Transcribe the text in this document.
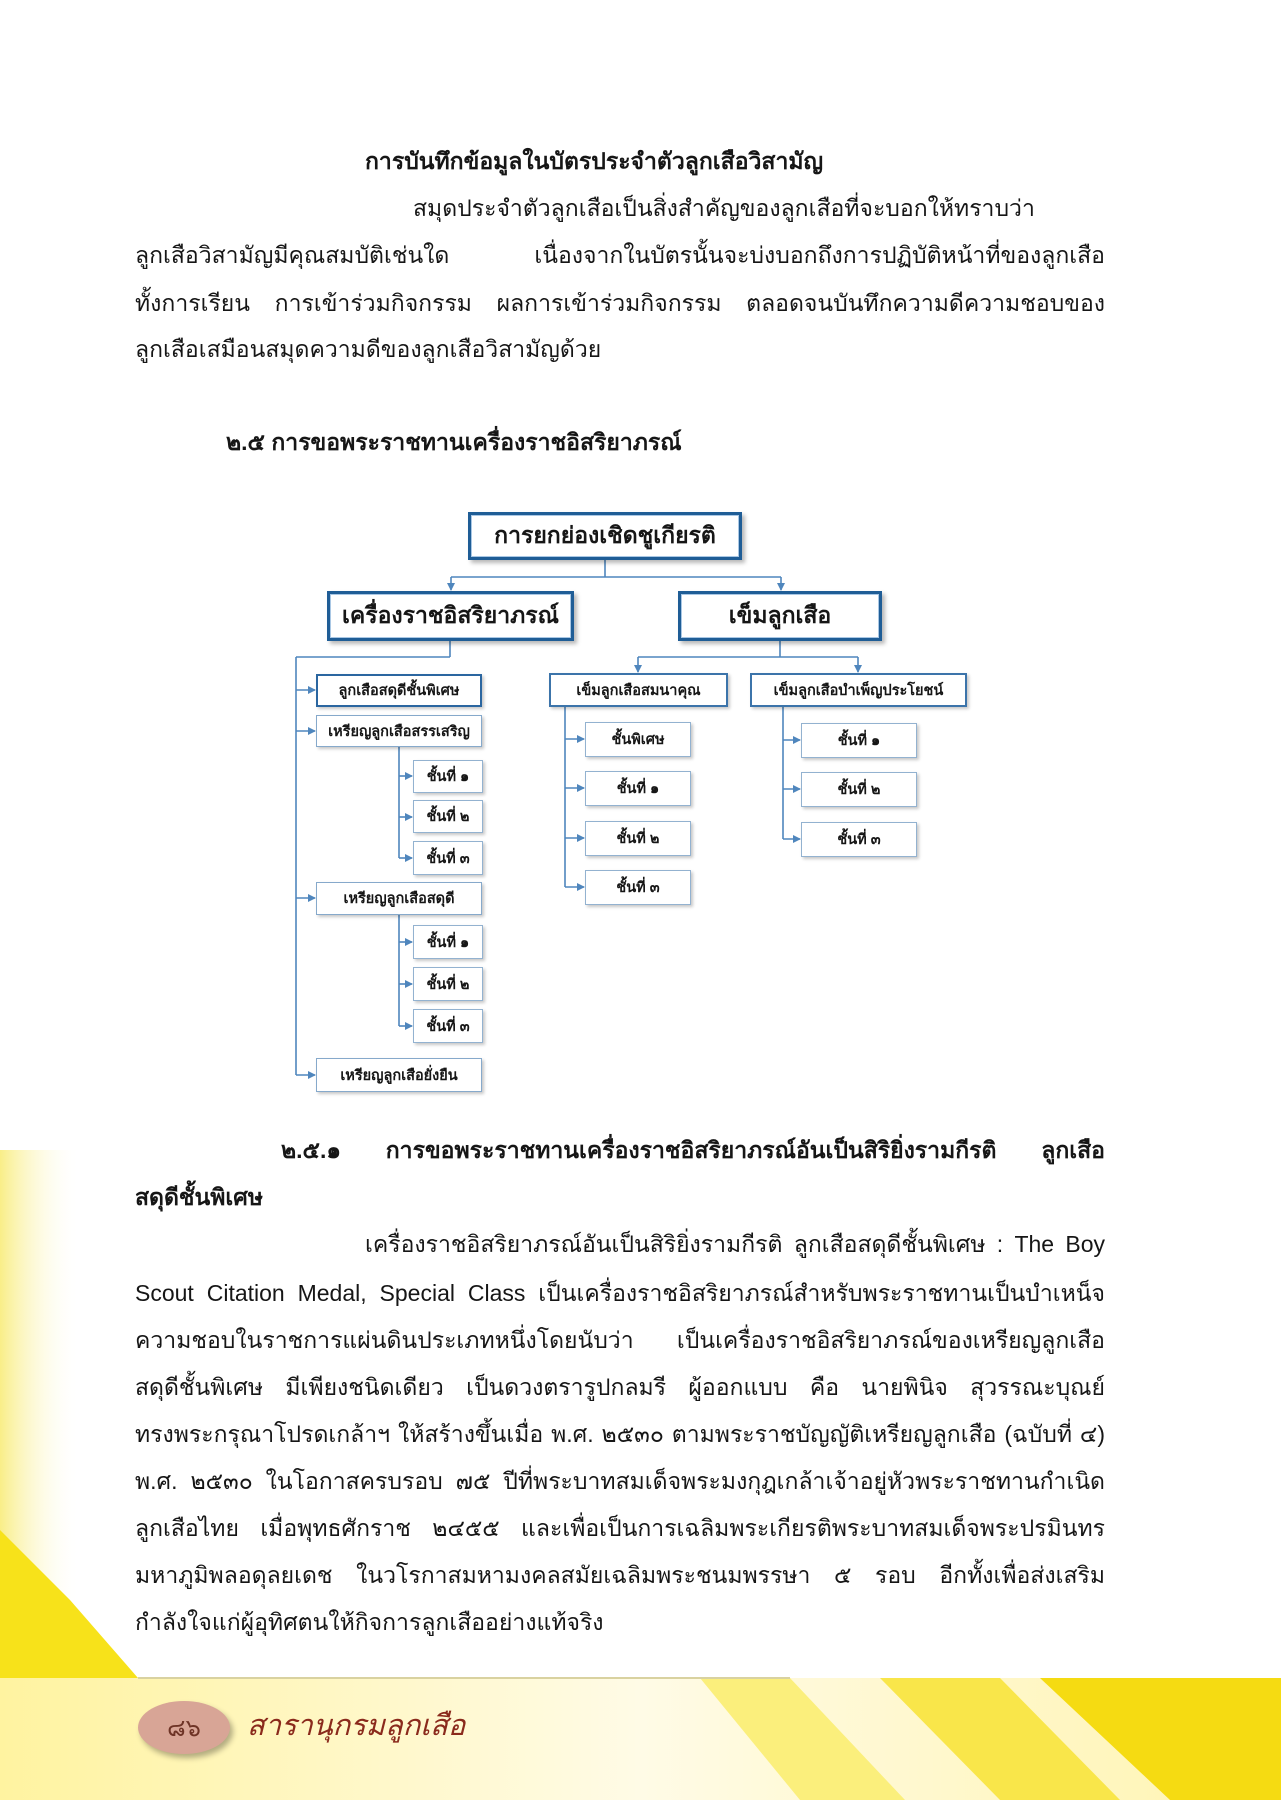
การบันทึกข้อมูลในบัตรประจำตัวลูกเสือวิสามัญ
สมุดประจำตัวลูกเสือเป็นสิ่งสำคัญของลูกเสือที่จะบอกให้ทราบว่า
ลูกเสือวิสามัญมีคุณสมบัติเช่นใด เนื่องจากในบัตรนั้นจะบ่งบอกถึงการปฏิบัติหน้าที่ของลูกเสือ
ทั้งการเรียน การเข้าร่วมกิจกรรม ผลการเข้าร่วมกิจกรรม ตลอดจนบันทึกความดีความชอบของ
ลูกเสือเสมือนสมุดความดีของลูกเสือวิสามัญด้วย
๒.๕ การขอพระราชทานเครื่องราชอิสริยาภรณ์
การยกย่องเชิดชูเกียรติ
เครื่องราชอิสริยาภรณ์	เข็มลูกเสือ
ลูกเสือสดุดีชั้นพิเศษ
เหรียญลูกเสือสรรเสริญ
ชั้นที่ ๑
ชั้นที่ ๒
ชั้นที่ ๓
เหรียญลูกเสือสดุดี
ชั้นที่ ๑
ชั้นที่ ๒
ชั้นที่ ๓
เหรียญลูกเสือยั่งยืน
เข็มลูกเสือสมนาคุณ
ชั้นพิเศษ
ชั้นที่ ๑
ชั้นที่ ๒
ชั้นที่ ๓
เข็มลูกเสือบำเพ็ญประโยชน์
ชั้นที่ ๑
ชั้นที่ ๒
ชั้นที่ ๓
๒.๕.๑ การขอพระราชทานเครื่องราชอิสริยาภรณ์อันเป็นสิริยิ่งรามกีรติ ลูกเสือ
สดุดีชั้นพิเศษ
เครื่องราชอิสริยาภรณ์อันเป็นสิริยิ่งรามกีรติ ลูกเสือสดุดีชั้นพิเศษ : The Boy
Scout Citation Medal, Special Class เป็นเครื่องราชอิสริยาภรณ์สำหรับพระราชทานเป็นบำเหน็จ
ความชอบในราชการแผ่นดินประเภทหนึ่งโดยนับว่า เป็นเครื่องราชอิสริยาภรณ์ของเหรียญลูกเสือ
สดุดีชั้นพิเศษ มีเพียงชนิดเดียว เป็นดวงตรารูปกลมรี ผู้ออกแบบ คือ นายพินิจ สุวรรณะบุณย์
ทรงพระกรุณาโปรดเกล้าฯ ให้สร้างขึ้นเมื่อ พ.ศ. ๒๕๓๐ ตามพระราชบัญญัติเหรียญลูกเสือ (ฉบับที่ ๔)
พ.ศ. ๒๕๓๐ ในโอกาสครบรอบ ๗๕ ปีที่พระบาทสมเด็จพระมงกุฎเกล้าเจ้าอยู่หัวพระราชทานกำเนิด
ลูกเสือไทย เมื่อพุทธศักราช ๒๔๕๕ และเพื่อเป็นการเฉลิมพระเกียรติพระบาทสมเด็จพระปรมินทร
มหาภูมิพลอดุลยเดช ในวโรกาสมหามงคลสมัยเฉลิมพระชนมพรรษา ๕ รอบ อีกทั้งเพื่อส่งเสริม
กำลังใจแก่ผู้อุทิศตนให้กิจการลูกเสืออย่างแท้จริง
๘๖ สารานุกรมลูกเสือ
